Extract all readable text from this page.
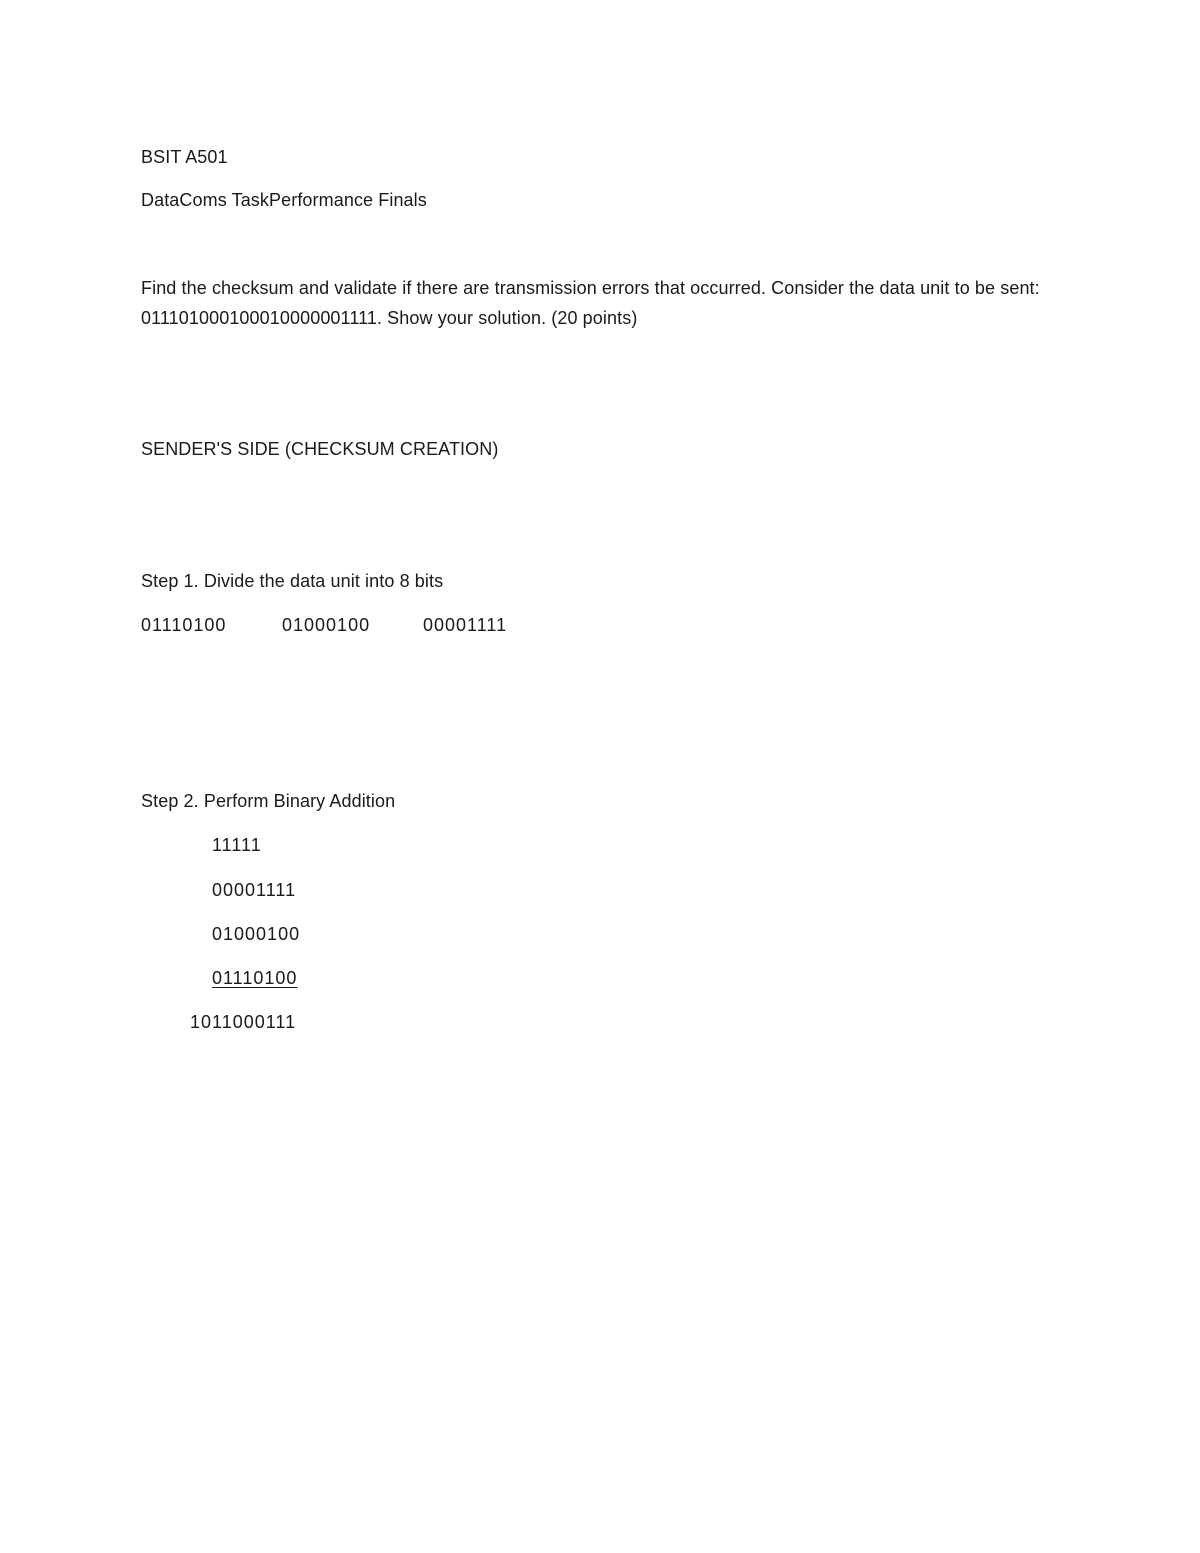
BSIT A501
DataComs TaskPerformance Finals
Find the checksum and validate if there are transmission errors that occurred. Consider the data unit to be sent: 011101000100010000001111. Show your solution. (20 points)
SENDER'S SIDE (CHECKSUM CREATION)
Step 1. Divide the data unit into 8 bits
01110100	01000100	00001111
Step 2. Perform Binary Addition
11111
00001111
01000100
01110100
1011000111
